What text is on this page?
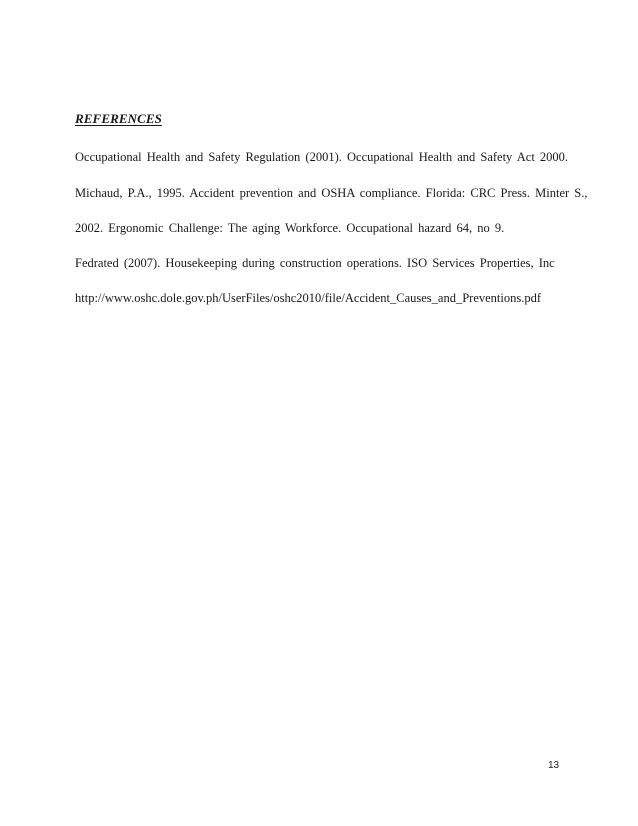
REFERENCES
Occupational Health and Safety Regulation (2001). Occupational Health and Safety Act 2000.
Michaud, P.A., 1995. Accident prevention and OSHA compliance. Florida: CRC Press. Minter S.,
2002. Ergonomic Challenge: The aging Workforce. Occupational hazard 64, no 9.
Fedrated (2007). Housekeeping during construction operations. ISO Services Properties, Inc
http://www.oshc.dole.gov.ph/UserFiles/oshc2010/file/Accident_Causes_and_Preventions.pdf
13
